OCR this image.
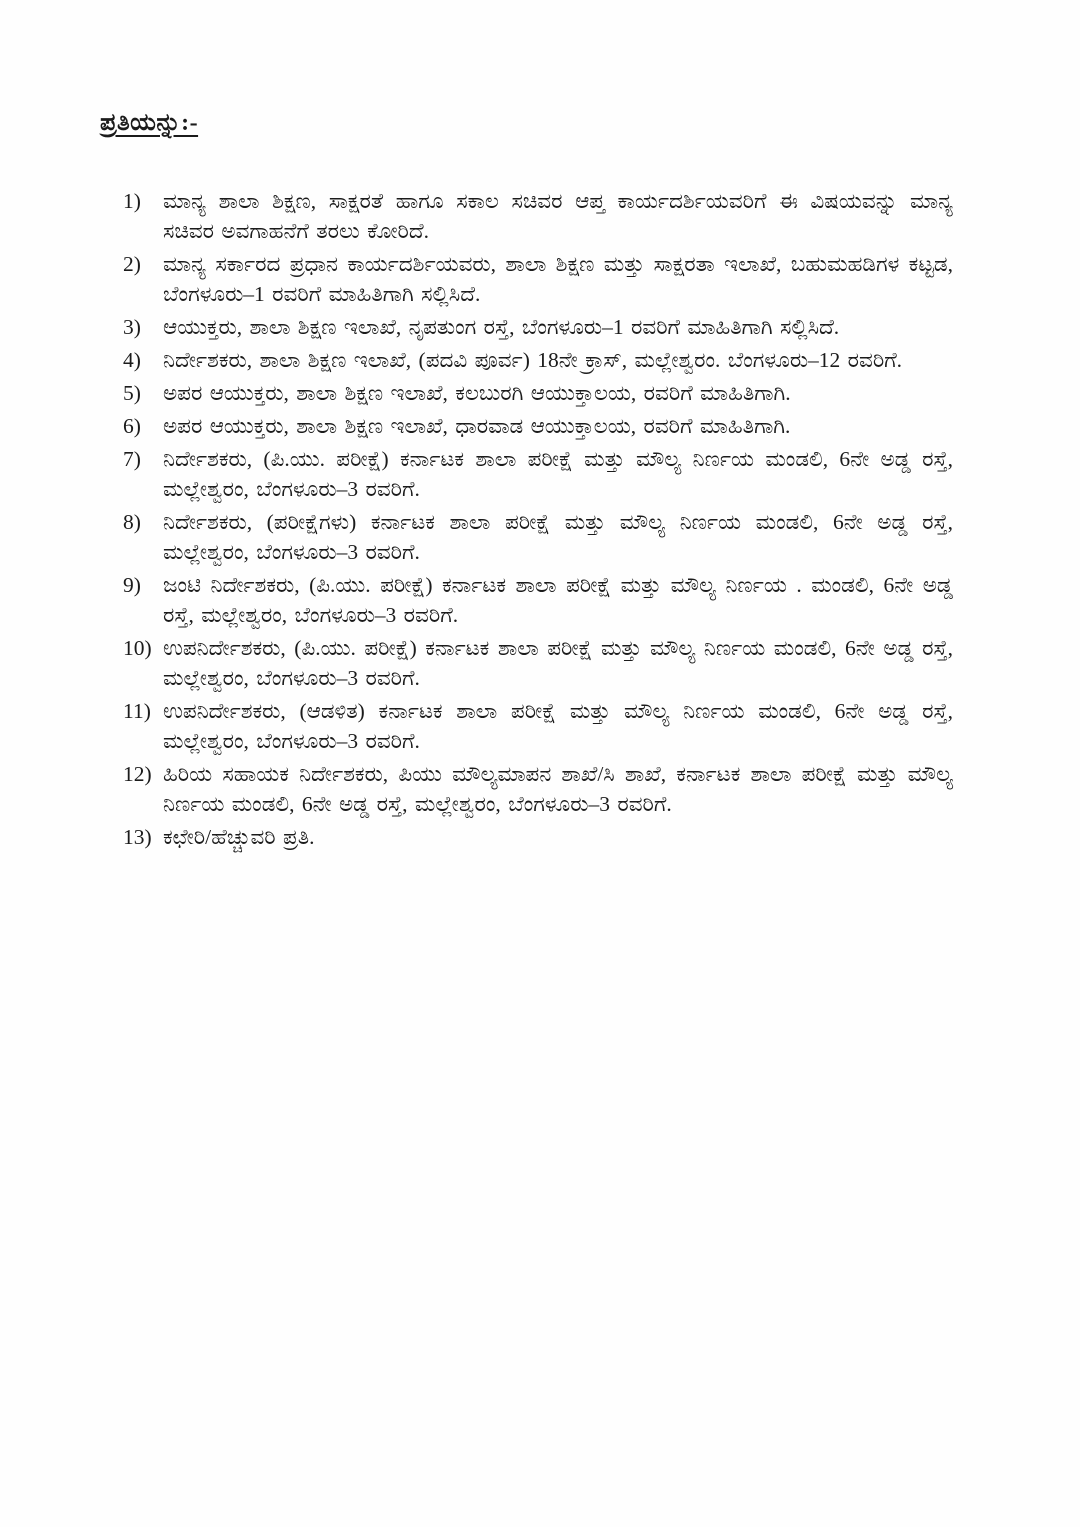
ಪ್ರತಿಯನ್ನು:-
1)	ಮಾನ್ಯ ಶಾಲಾ ಶಿಕ್ಷಣ, ಸಾಕ್ಷರತೆ ಹಾಗೂ ಸಕಾಲ ಸಚಿವರ ಆಪ್ತ ಕಾರ್ಯದರ್ಶಿಯವರಿಗೆ ಈ ವಿಷಯವನ್ನು ಮಾನ್ಯ ಸಚಿವರ ಅವಗಾಹನೆಗೆ ತರಲು ಕೋರಿದೆ.
2)	ಮಾನ್ಯ ಸರ್ಕಾರದ ಪ್ರಧಾನ ಕಾರ್ಯದರ್ಶಿಯವರು, ಶಾಲಾ ಶಿಕ್ಷಣ ಮತ್ತು ಸಾಕ್ಷರತಾ ಇಲಾಖೆ, ಬಹುಮಹಡಿಗಳ ಕಟ್ಟಡ, ಬೆಂಗಳೂರು–1 ರವರಿಗೆ ಮಾಹಿತಿಗಾಗಿ ಸಲ್ಲಿಸಿದೆ.
3)	ಆಯುಕ್ತರು, ಶಾಲಾ ಶಿಕ್ಷಣ ಇಲಾಖೆ, ನೃಪತುಂಗ ರಸ್ತೆ, ಬೆಂಗಳೂರು–1 ರವರಿಗೆ ಮಾಹಿತಿಗಾಗಿ ಸಲ್ಲಿಸಿದೆ.
4)	ನಿರ್ದೇಶಕರು, ಶಾಲಾ ಶಿಕ್ಷಣ ಇಲಾಖೆ, (ಪದವಿ ಪೂರ್ವ) 18ನೇ ಕ್ರಾಸ್, ಮಲ್ಲೇಶ್ವರಂ. ಬೆಂಗಳೂರು–12 ರವರಿಗೆ.
5)	ಅಪರ ಆಯುಕ್ತರು, ಶಾಲಾ ಶಿಕ್ಷಣ ಇಲಾಖೆ, ಕಲಬುರಗಿ ಆಯುಕ್ತಾಲಯ, ರವರಿಗೆ ಮಾಹಿತಿಗಾಗಿ.
6)	ಅಪರ ಆಯುಕ್ತರು, ಶಾಲಾ ಶಿಕ್ಷಣ ಇಲಾಖೆ, ಧಾರವಾಡ ಆಯುಕ್ತಾಲಯ, ರವರಿಗೆ ಮಾಹಿತಿಗಾಗಿ.
7)	ನಿರ್ದೇಶಕರು, (ಪಿ.ಯು. ಪರೀಕ್ಷೆ) ಕರ್ನಾಟಕ ಶಾಲಾ ಪರೀಕ್ಷೆ ಮತ್ತು ಮೌಲ್ಯ ನಿರ್ಣಯ ಮಂಡಲಿ, 6ನೇ ಅಡ್ಡ ರಸ್ತೆ, ಮಲ್ಲೇಶ್ವರಂ, ಬೆಂಗಳೂರು–3 ರವರಿಗೆ.
8)	ನಿರ್ದೇಶಕರು, (ಪರೀಕ್ಷೆಗಳು) ಕರ್ನಾಟಕ ಶಾಲಾ ಪರೀಕ್ಷೆ ಮತ್ತು ಮೌಲ್ಯ ನಿರ್ಣಯ ಮಂಡಲಿ, 6ನೇ ಅಡ್ಡ ರಸ್ತೆ, ಮಲ್ಲೇಶ್ವರಂ, ಬೆಂಗಳೂರು–3 ರವರಿಗೆ.
9)	ಜಂಟಿ ನಿರ್ದೇಶಕರು, (ಪಿ.ಯು. ಪರೀಕ್ಷೆ) ಕರ್ನಾಟಕ ಶಾಲಾ ಪರೀಕ್ಷೆ ಮತ್ತು ಮೌಲ್ಯ ನಿರ್ಣಯ . ಮಂಡಲಿ, 6ನೇ ಅಡ್ಡ ರಸ್ತೆ, ಮಲ್ಲೇಶ್ವರಂ, ಬೆಂಗಳೂರು–3 ರವರಿಗೆ.
10) ಉಪನಿರ್ದೇಶಕರು, (ಪಿ.ಯು. ಪರೀಕ್ಷೆ) ಕರ್ನಾಟಕ ಶಾಲಾ ಪರೀಕ್ಷೆ ಮತ್ತು ಮೌಲ್ಯ ನಿರ್ಣಯ ಮಂಡಲಿ, 6ನೇ ಅಡ್ಡ ರಸ್ತೆ, ಮಲ್ಲೇಶ್ವರಂ, ಬೆಂಗಳೂರು–3 ರವರಿಗೆ.
11) ಉಪನಿರ್ದೇಶಕರು, (ಆಡಳಿತ) ಕರ್ನಾಟಕ ಶಾಲಾ ಪರೀಕ್ಷೆ ಮತ್ತು ಮೌಲ್ಯ ನಿರ್ಣಯ ಮಂಡಲಿ, 6ನೇ ಅಡ್ಡ ರಸ್ತೆ, ಮಲ್ಲೇಶ್ವರಂ, ಬೆಂಗಳೂರು–3 ರವರಿಗೆ.
12) ಹಿರಿಯ ಸಹಾಯಕ ನಿರ್ದೇಶಕರು, ಪಿಯು ಮೌಲ್ಯಮಾಪನ ಶಾಖೆ/ಸಿ ಶಾಖೆ, ಕರ್ನಾಟಕ ಶಾಲಾ ಪರೀಕ್ಷೆ ಮತ್ತು ಮೌಲ್ಯ ನಿರ್ಣಯ ಮಂಡಲಿ, 6ನೇ ಅಡ್ಡ ರಸ್ತೆ, ಮಲ್ಲೇಶ್ವರಂ, ಬೆಂಗಳೂರು–3 ರವರಿಗೆ.
13) ಕಛೇರಿ/ಹೆಚ್ಚುವರಿ ಪ್ರತಿ.
